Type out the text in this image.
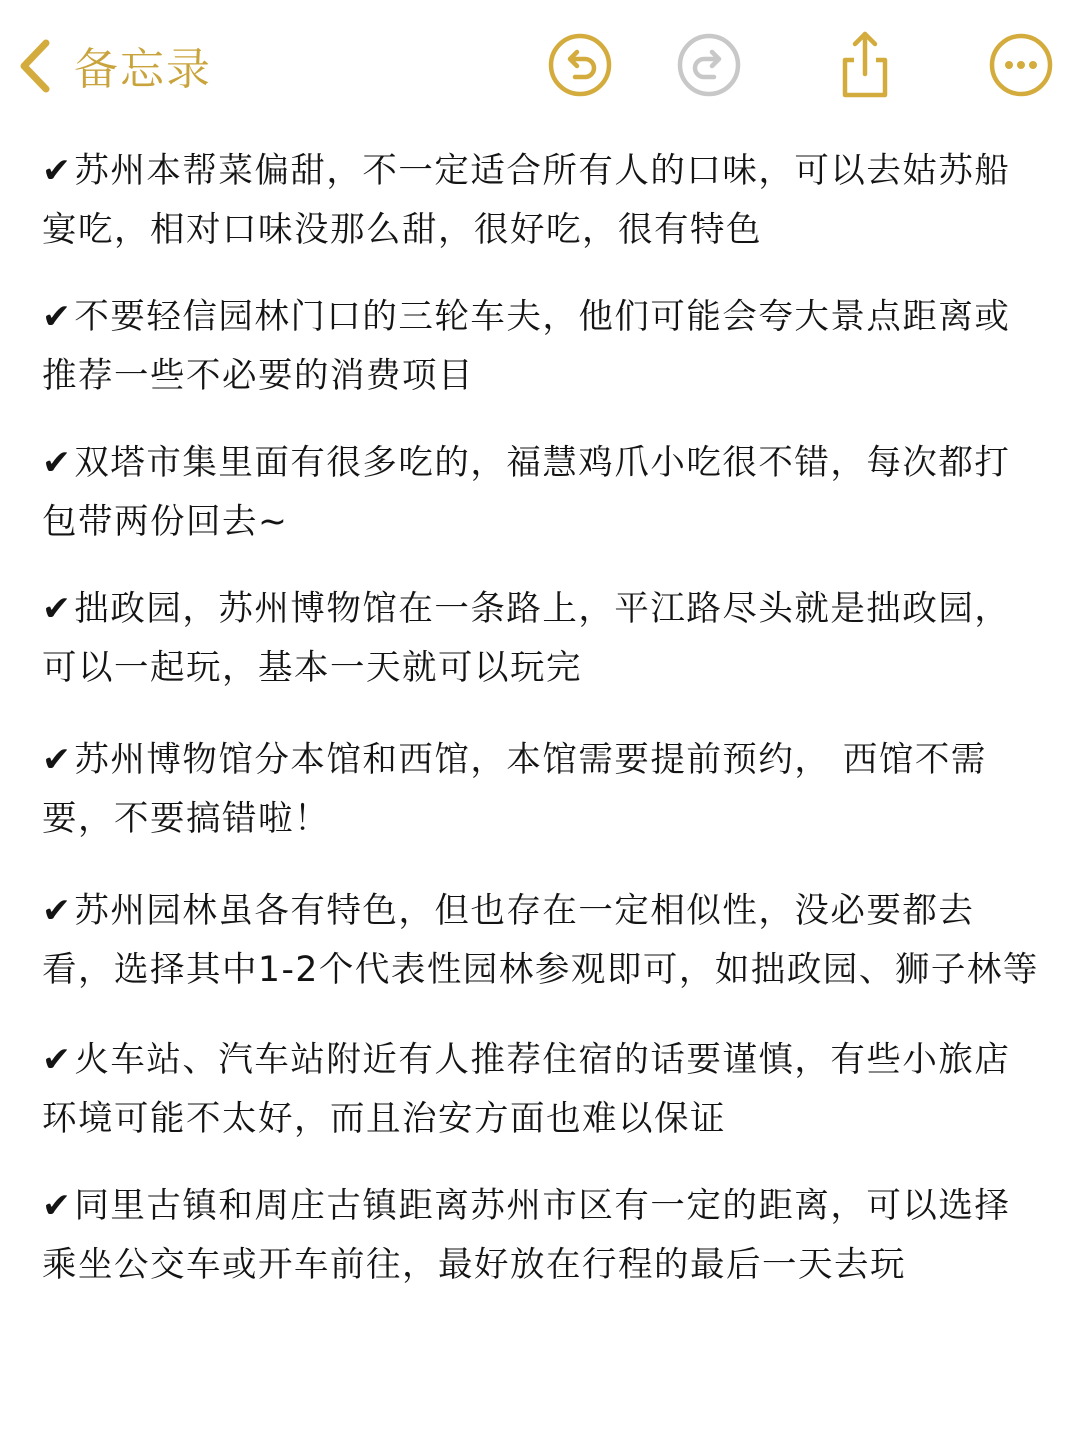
备忘录

✔苏州本帮菜偏甜，不一定适合所有人的口味，可以去姑苏船宴吃，相对口味没那么甜，很好吃，很有特色

✔不要轻信园林门口的三轮车夫，他们可能会夸大景点距离或推荐一些不必要的消费项目

✔双塔市集里面有很多吃的，福慧鸡爪小吃很不错，每次都打包带两份回去~

✔拙政园，苏州博物馆在一条路上，平江路尽头就是拙政园，可以一起玩，基本一天就可以玩完

✔苏州博物馆分本馆和西馆，本馆需要提前预约， 西馆不需要，不要搞错啦！

✔苏州园林虽各有特色，但也存在一定相似性，没必要都去看，选择其中1-2个代表性园林参观即可，如拙政园、狮子林等

✔火车站、汽车站附近有人推荐住宿的话要谨慎，有些小旅店环境可能不太好，而且治安方面也难以保证

✔同里古镇和周庄古镇距离苏州市区有一定的距离，可以选择乘坐公交车或开车前往，最好放在行程的最后一天去玩
